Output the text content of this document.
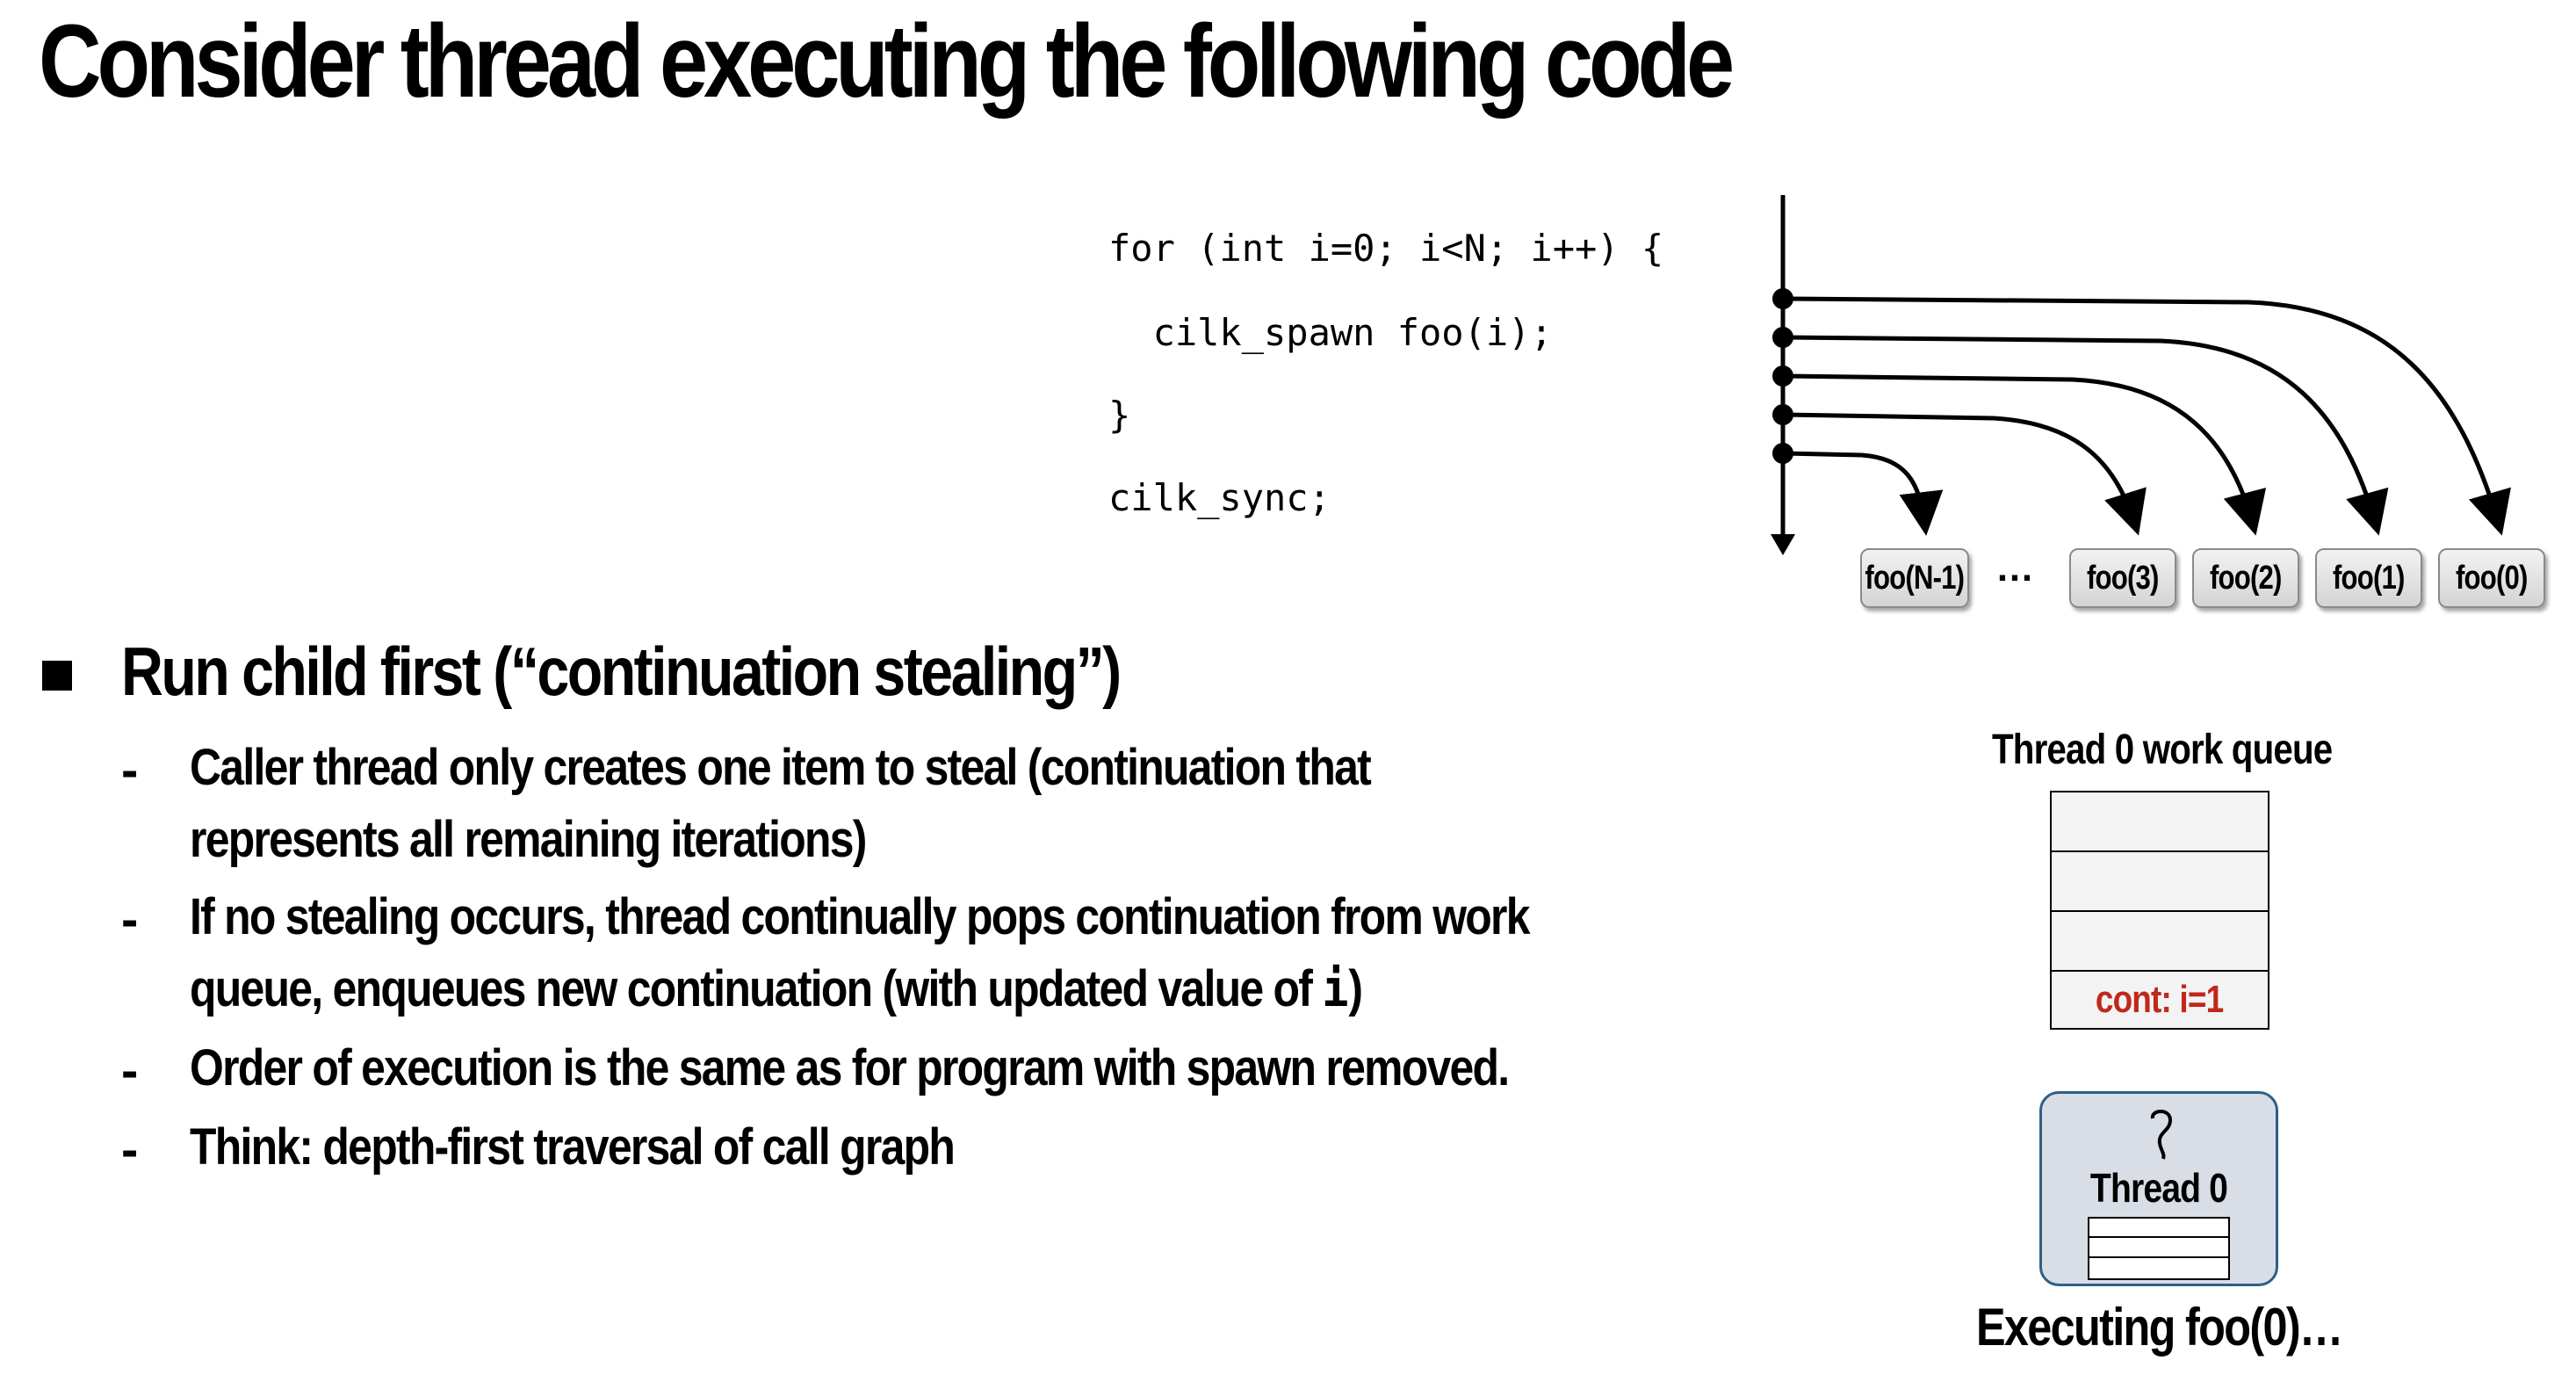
Consider thread executing the following code
for (int i=0; i<N; i++) {
cilk_spawn foo(i);
}
cilk_sync;
foo(N-1) … foo(3) foo(2) foo(1) foo(0)
Run child first (“continuation stealing”)
- Caller thread only creates one item to steal (continuation that
represents all remaining iterations)
- If no stealing occurs, thread continually pops continuation from work
queue, enqueues new continuation (with updated value of i)
- Order of execution is the same as for program with spawn removed.
- Think: depth-first traversal of call graph
Thread 0 work queue
cont: i=1
Thread 0
Executing foo(0)…
